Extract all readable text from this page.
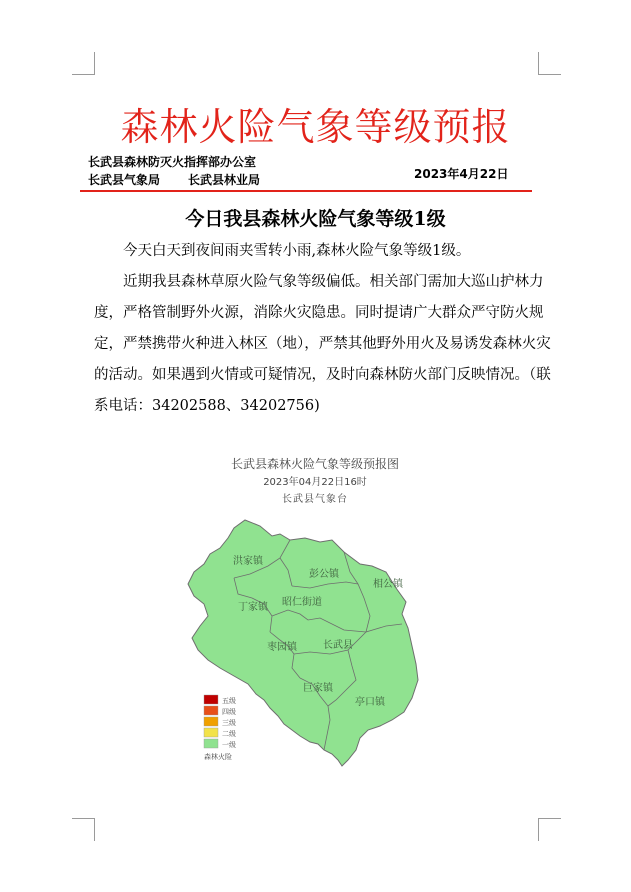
森林火险气象等级预报
长武县森林防灭火指挥部办公室
长武县气象局 长武县林业局	2023年4月22日
今日我县森林火险气象等级1级

今天白天到夜间雨夹雪转小雨,森林火险气象等级1级。

近期我县森林草原火险气象等级偏低。相关部门需加大巡山护林力度，严格管制野外火源，消除火灾隐患。同时提请广大群众严守防火规定，严禁携带火种进入林区（地），严禁其他野外用火及易诱发森林火灾的活动。如果遇到火情或可疑情况，及时向森林防火部门反映情况。（联系电话：34202588、34202756)

长武县森林火险气象等级预报图
2023年04月22日16时
长武县气象台
洪家镇
彭公镇
相公镇
丁家镇 昭仁街道
枣园镇	长武县
巨家镇
亭口镇
五级
四级
三级
二级
一级
森林火险
